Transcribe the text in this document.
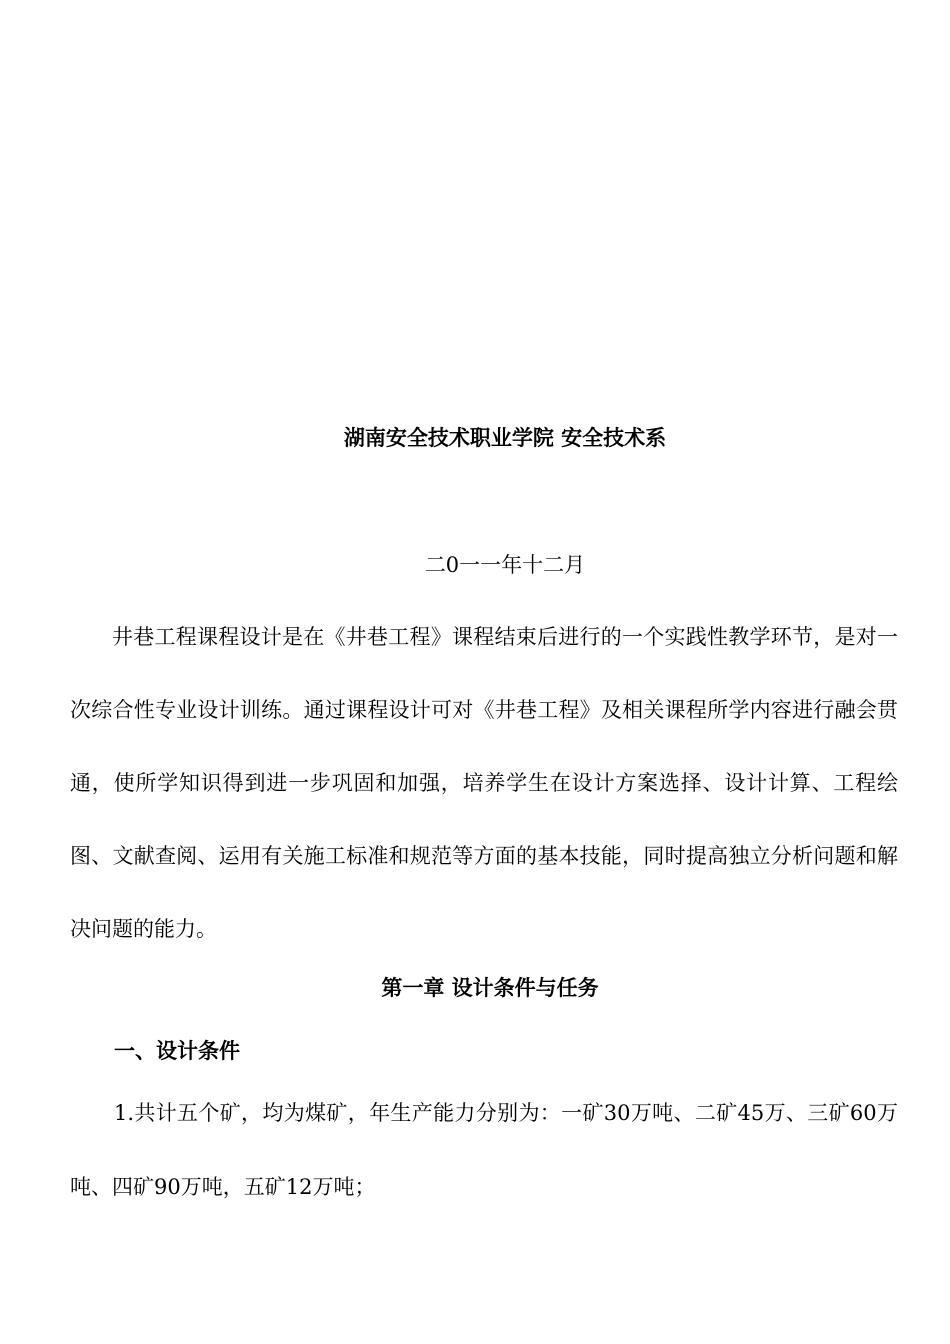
湖南安全技术职业学院 安全技术系

二0一一年十二月

井巷工程课程设计是在《井巷工程》课程结束后进行的一个实践性教学环节，是对一次综合性专业设计训练。通过课程设计可对《井巷工程》及相关课程所学内容进行融会贯通，使所学知识得到进一步巩固和加强，培养学生在设计方案选择、设计计算、工程绘图、文献查阅、运用有关施工标准和规范等方面的基本技能，同时提高独立分析问题和解决问题的能力。

第一章 设计条件与任务
一、设计条件

1.共计五个矿，均为煤矿，年生产能力分别为：一矿30万吨、二矿45万、三矿60万吨、四矿90万吨，五矿12万吨；
